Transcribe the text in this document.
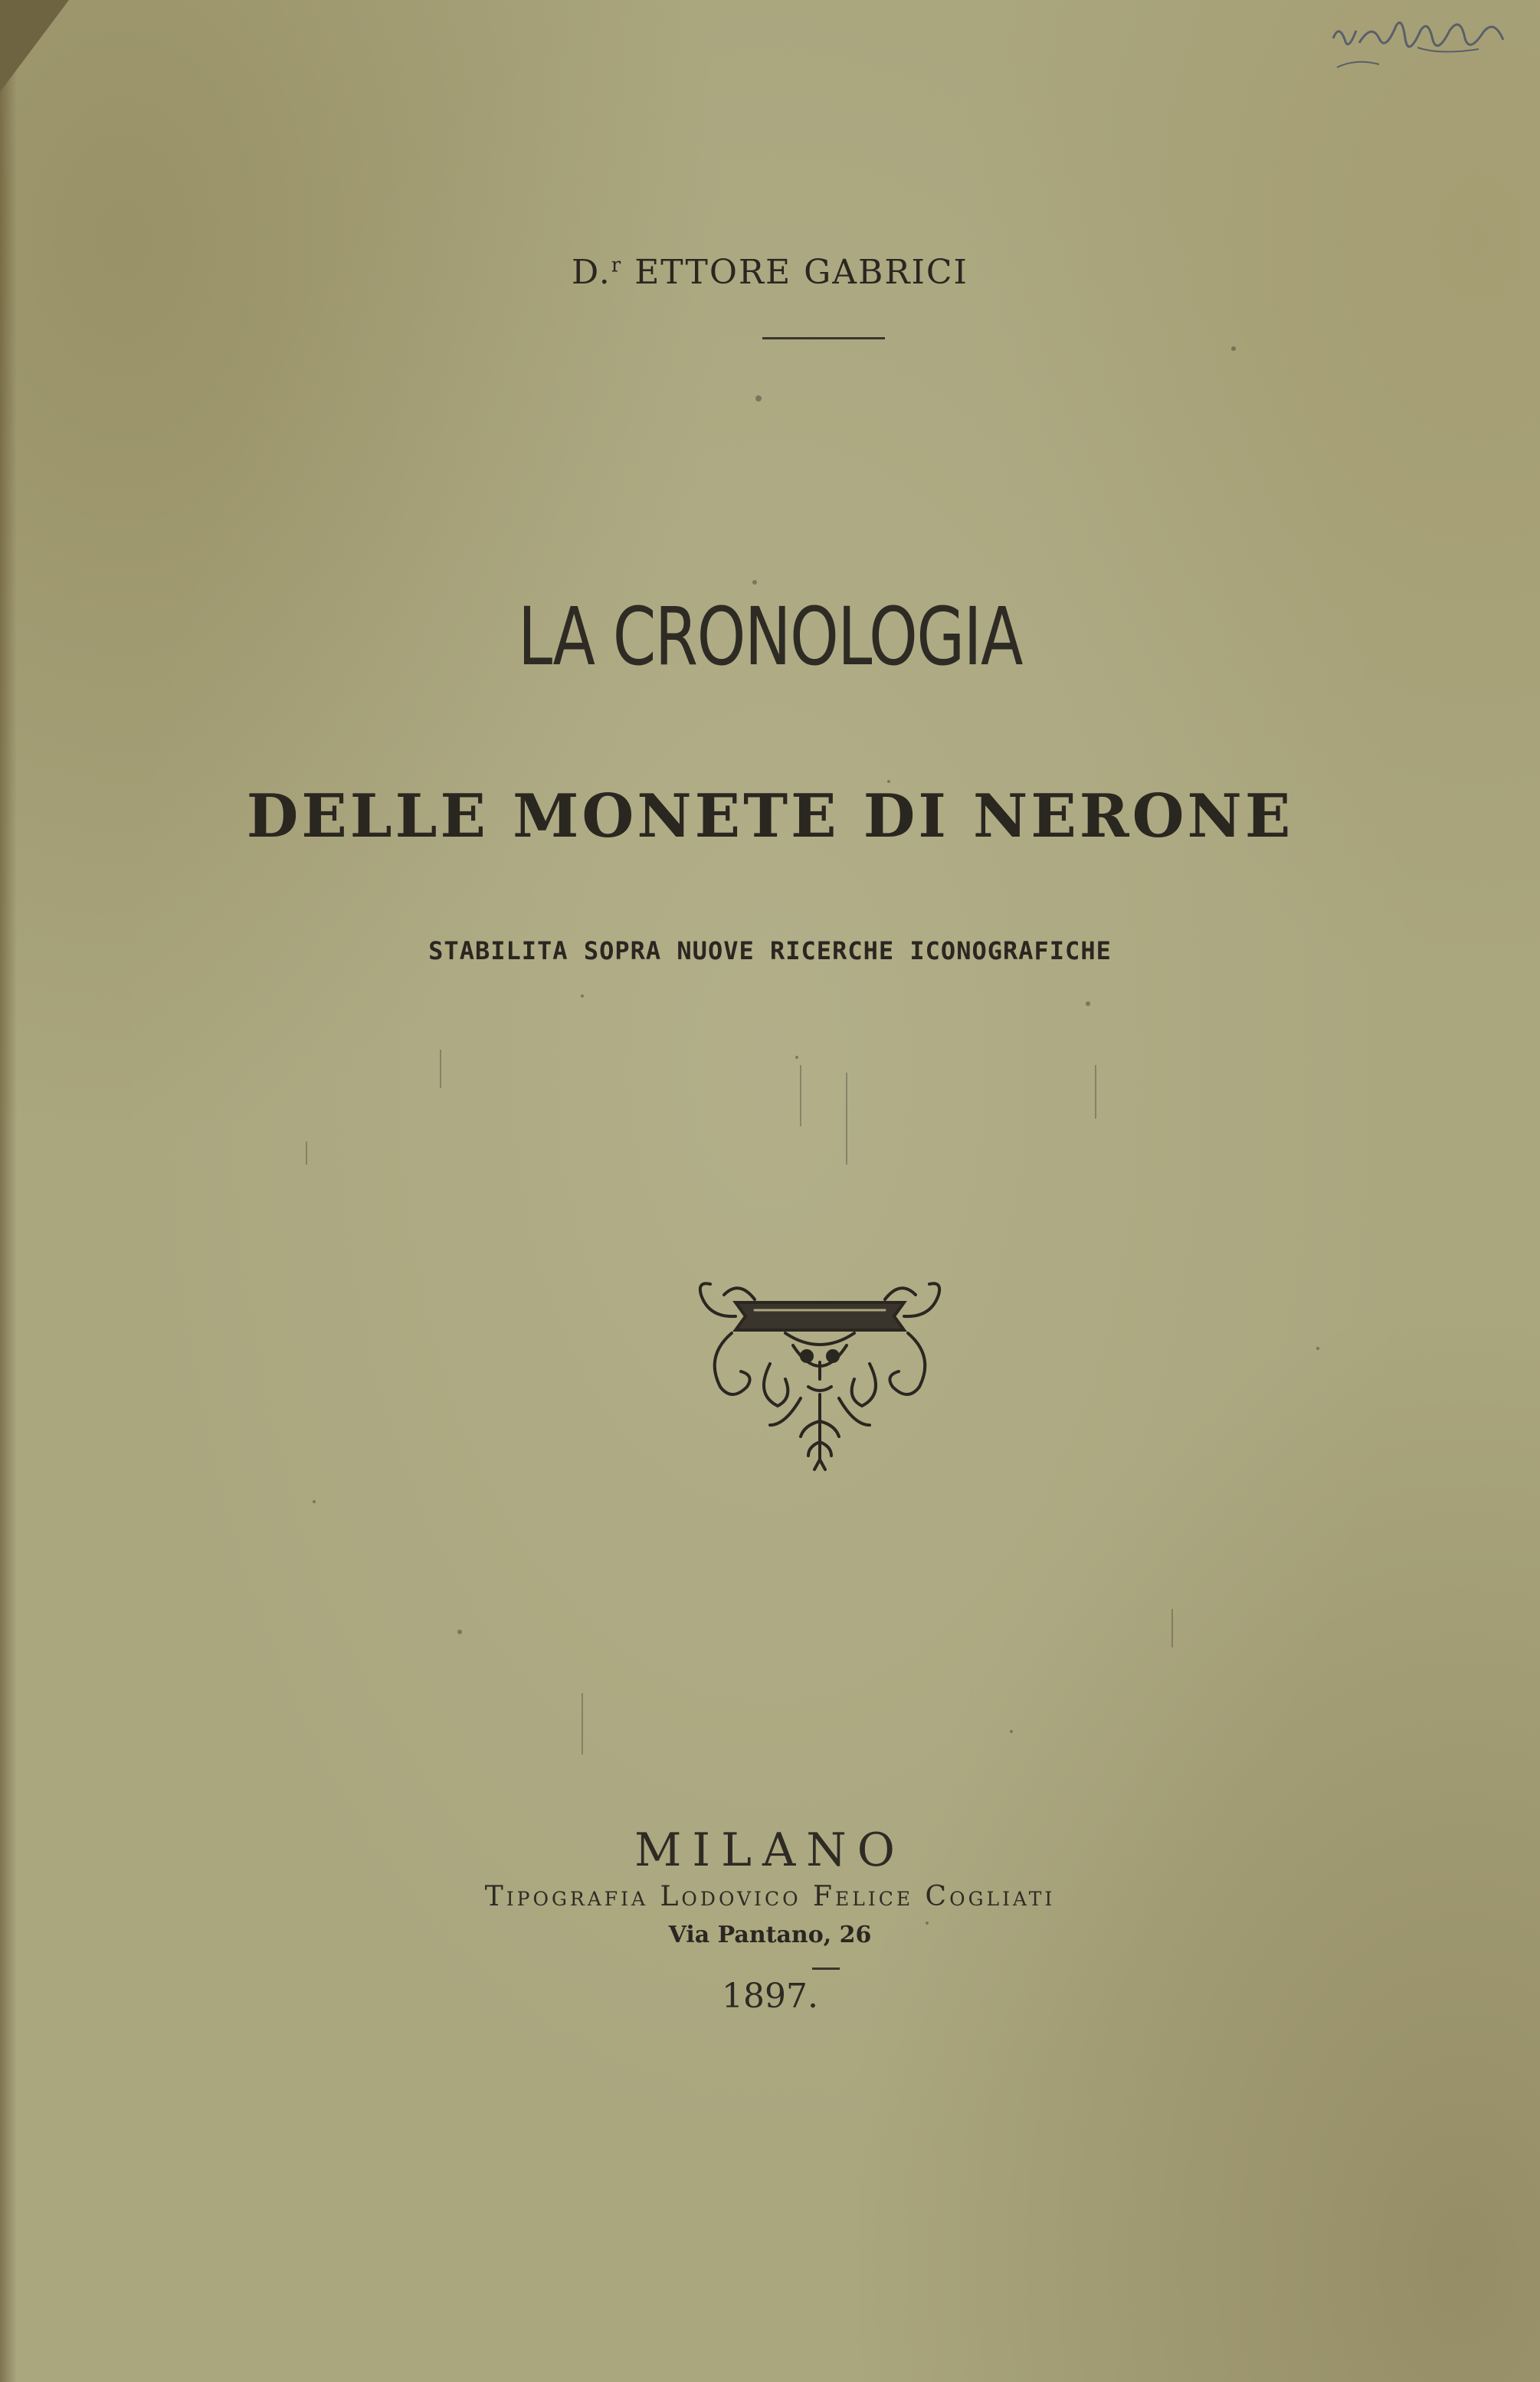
D.$^r$ ETTORE GABRICI
LA CRONOLOGIA
DELLE MONETE DI NERONE
STABILITA SOPRA NUOVE RICERCHE ICONOGRAFICHE
MILANO
Tipografia Lodovico Felice Cogliati
Via Pantano, 26
1897.
